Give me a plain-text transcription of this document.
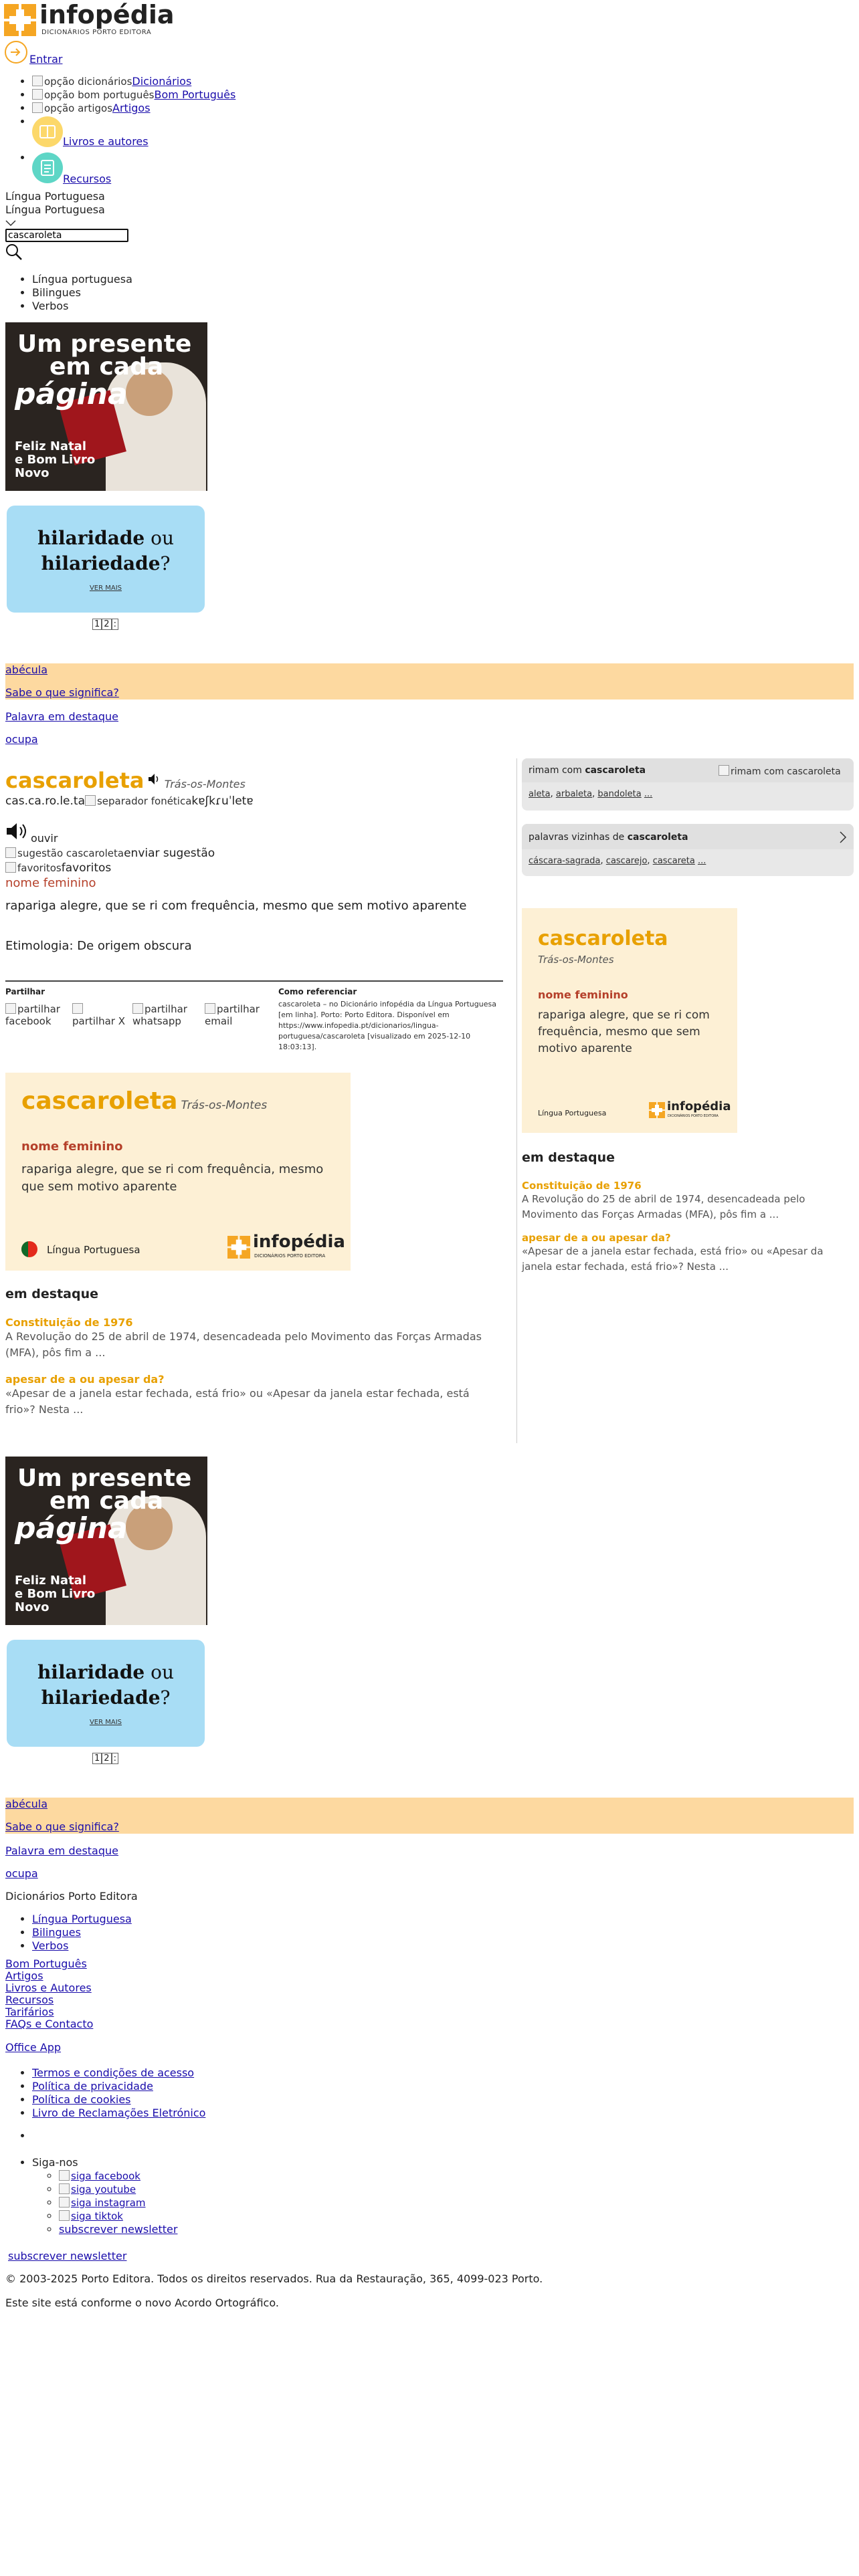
infopédia
DICIONÁRIOS PORTO EDITORA
Entrar
• opção dicionáriosDicionários
• opção bom portuguêsBom Português
• opção artigosArtigos
• Livros e autores
• Recursos
Língua Portuguesa
Língua Portuguesa
cascaroleta
• Língua portuguesa
• Bilingues
• Verbos
Um presente
em cada
página
Feliz Natal
e Bom Livro
Novo
hilaridade ou
hilariedade?
VER MAIS
1 2 :
abécula
Sabe o que significa?
Palavra em destaque
ocupa
cascaroleta Trás-os-Montes
cas.ca.ro.le.ta separador fonéticakɐʃkɾuˈletɐ
ouvir
sugestão cascaroletaenviar sugestão
favoritosfavoritos
nome feminino
rapariga alegre, que se ri com frequência, mesmo que sem motivo aparente
Etimologia: De origem obscura
Partilhar
partilhar facebook	partilhar X
partilhar whatsapp
partilhar email
Como referenciar
cascaroleta – no Dicionário infopédia da Língua Portuguesa [em linha]. Porto: Porto Editora. Disponível em https://www.infopedia.pt/dicionarios/lingua-portuguesa/cascaroleta [visualizado em 2025-12-10 18:03:13].
cascaroleta Trás-os-Montes
nome feminino
rapariga alegre, que se ri com frequência, mesmo que sem motivo aparente
Língua Portuguesa	infopédia
DICIONÁRIOS PORTO EDITORA
em destaque
Constituição de 1976
A Revolução do 25 de abril de 1974, desencadeada pelo Movimento das Forças Armadas (MFA), pôs fim a ...
apesar de a ou apesar da?
«Apesar de a janela estar fechada, está frio» ou «Apesar da janela estar fechada, está frio»? Nesta ...
rimam com cascaroleta	rimam com cascaroleta
aleta, arbaleta, bandoleta ...
palavras vizinhas de cascaroleta
cáscara-sagrada, cascarejo, cascareta ...
cascaroleta
Trás-os-Montes
nome feminino
rapariga alegre, que se ri com frequência, mesmo que sem motivo aparente
Língua Portuguesa	infopédia
DICIONÁRIOS PORTO EDITORA
em destaque
Constituição de 1976
A Revolução do 25 de abril de 1974, desencadeada pelo Movimento das Forças Armadas (MFA), pôs fim a ...
apesar de a ou apesar da?
«Apesar de a janela estar fechada, está frio» ou «Apesar da janela estar fechada, está frio»? Nesta ...
Um presente
em cada
página
Feliz Natal
e Bom Livro
Novo
hilaridade ou
hilariedade?
VER MAIS
1 2 :
abécula
Sabe o que significa?
Palavra em destaque
ocupa
Dicionários Porto Editora
• Língua Portuguesa
• Bilingues
• Verbos
Bom Português
Artigos
Livros e Autores
Recursos
Tarifários
FAQs e Contacto
Office App
• Termos e condições de acesso
• Política de privacidade
• Política de cookies
• Livro de Reclamações Eletrónico
•
• Siga-nos
◦ siga facebook
◦ siga youtube
◦ siga instagram
◦ siga tiktok
◦ subscrever newsletter
subscrever newsletter
© 2003-2025 Porto Editora. Todos os direitos reservados. Rua da Restauração, 365, 4099-023 Porto.
Este site está conforme o novo Acordo Ortográfico.
